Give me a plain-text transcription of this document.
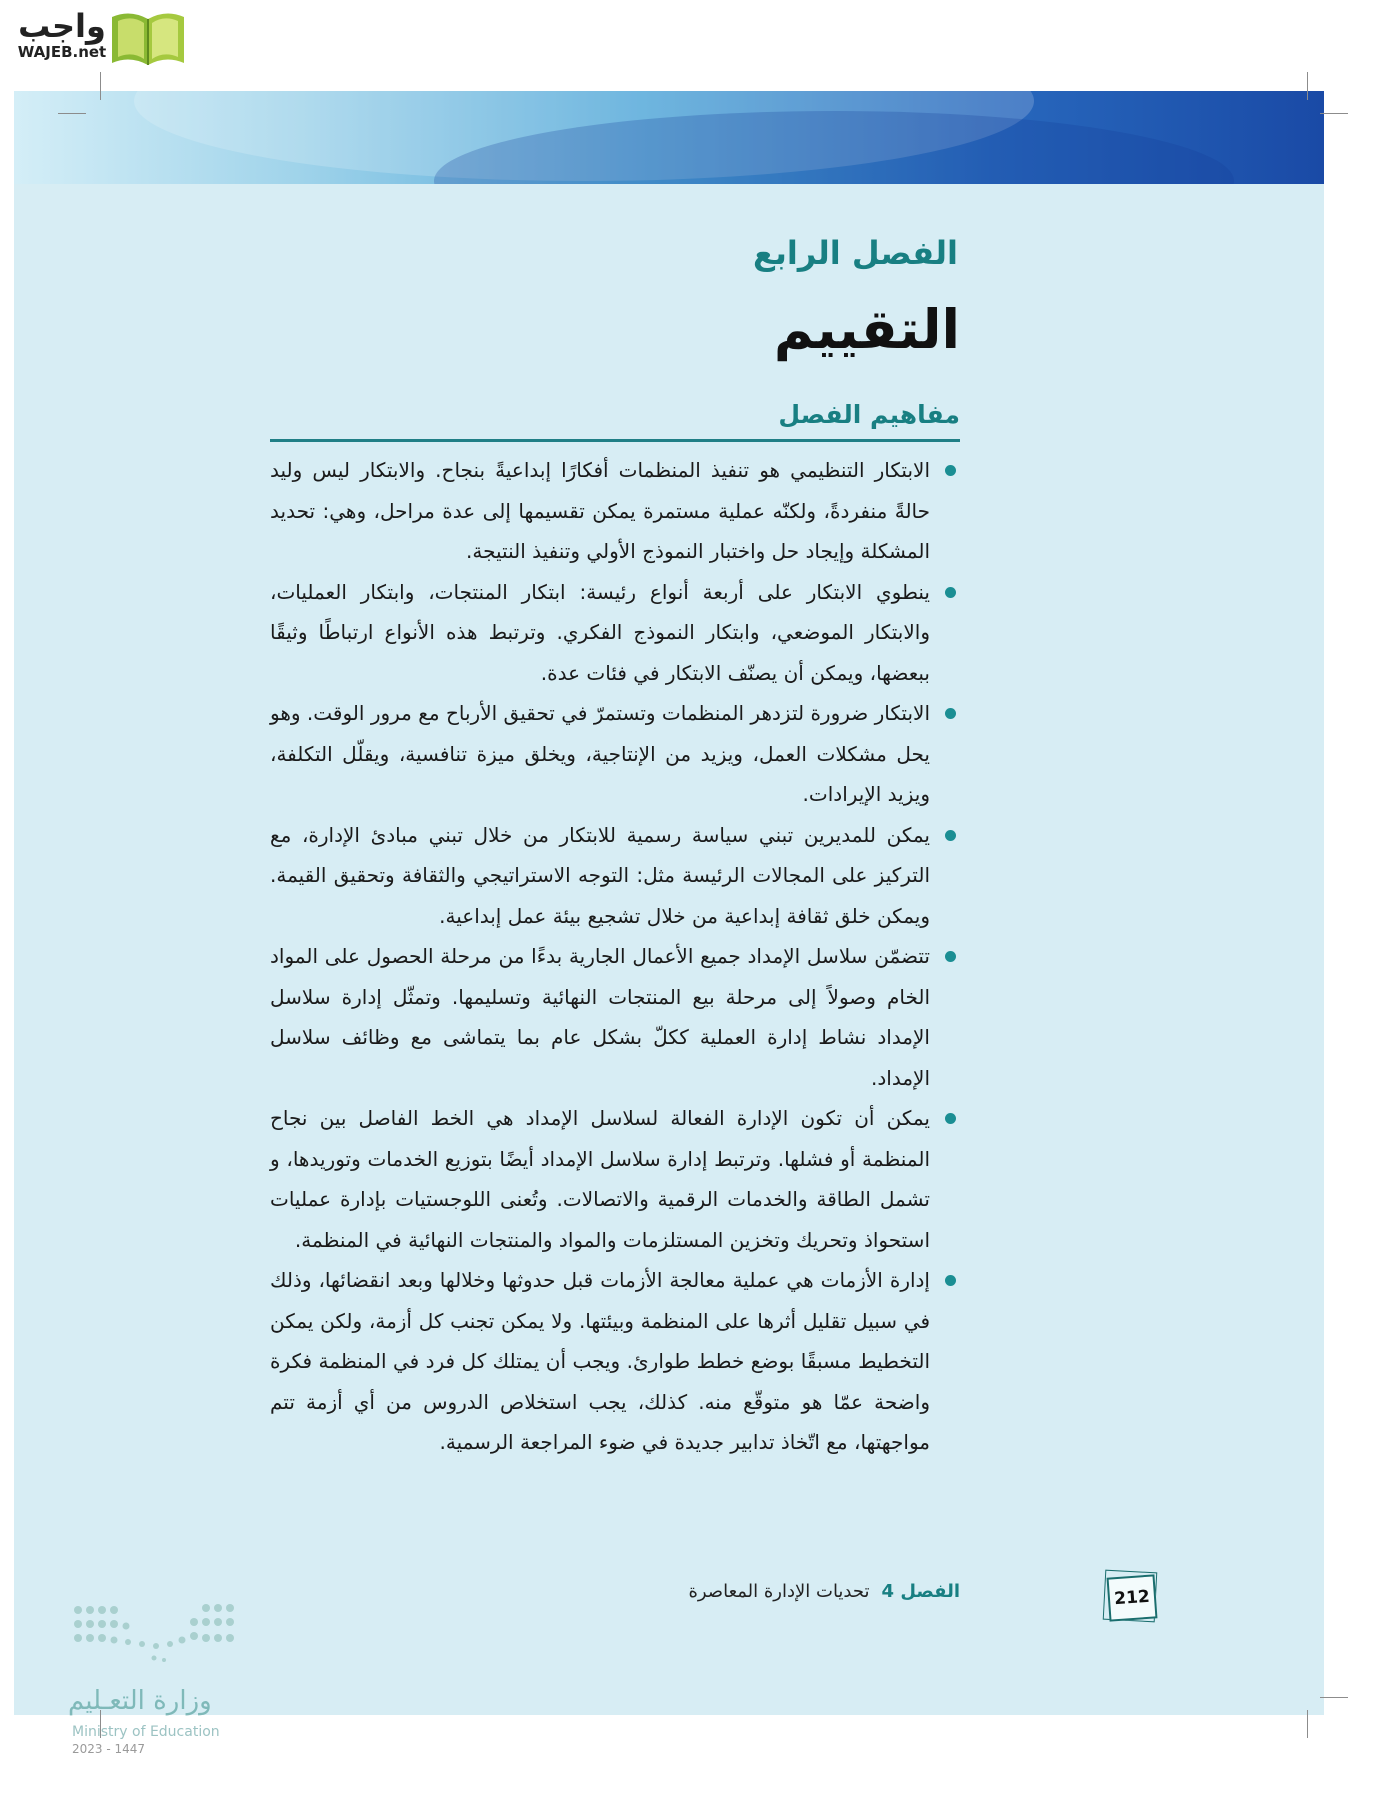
واجب
WAJEB.net
الفصل الرابع
التقييم
مفاهيم الفصل
الابتكار التنظيمي هو تنفيذ المنظمات أفكارًا إبداعيةً بنجاح. والابتكار ليس وليد حالةً منفردةً، ولكنّه عملية مستمرة يمكن تقسيمها إلى عدة مراحل، وهي: تحديد المشكلة وإيجاد حل واختبار النموذج الأولي وتنفيذ النتيجة.
ينطوي الابتكار على أربعة أنواع رئيسة: ابتكار المنتجات، وابتكار العمليات، والابتكار الموضعي، وابتكار النموذج الفكري. وترتبط هذه الأنواع ارتباطًا وثيقًا ببعضها، ويمكن أن يصنّف الابتكار في فئات عدة.
الابتكار ضرورة لتزدهر المنظمات وتستمرّ في تحقيق الأرباح مع مرور الوقت. وهو يحل مشكلات العمل، ويزيد من الإنتاجية، ويخلق ميزة تنافسية، ويقلّل التكلفة، ويزيد الإيرادات.
يمكن للمديرين تبني سياسة رسمية للابتكار من خلال تبني مبادئ الإدارة، مع التركيز على المجالات الرئيسة مثل: التوجه الاستراتيجي والثقافة وتحقيق القيمة. ويمكن خلق ثقافة إبداعية من خلال تشجيع بيئة عمل إبداعية.
تتضمّن سلاسل الإمداد جميع الأعمال الجارية بدءًا من مرحلة الحصول على المواد الخام وصولاً إلى مرحلة بيع المنتجات النهائية وتسليمها. وتمثّل إدارة سلاسل الإمداد نشاط إدارة العملية ككلّ بشكل عام بما يتماشى مع وظائف سلاسل الإمداد.
يمكن أن تكون الإدارة الفعالة لسلاسل الإمداد هي الخط الفاصل بين نجاح المنظمة أو فشلها. وترتبط إدارة سلاسل الإمداد أيضًا بتوزيع الخدمات وتوريدها، و تشمل الطاقة والخدمات الرقمية والاتصالات. وتُعنى اللوجستيات بإدارة عمليات استحواذ وتحريك وتخزين المستلزمات والمواد والمنتجات النهائية في المنظمة.
إدارة الأزمات هي عملية معالجة الأزمات قبل حدوثها وخلالها وبعد انقضائها، وذلك في سبيل تقليل أثرها على المنظمة وبيئتها. ولا يمكن تجنب كل أزمة، ولكن يمكن التخطيط مسبقًا بوضع خطط طوارئ. ويجب أن يمتلك كل فرد في المنظمة فكرة واضحة عمّا هو متوقّع منه. كذلك، يجب استخلاص الدروس من أي أزمة تتم مواجهتها، مع اتّخاذ تدابير جديدة في ضوء المراجعة الرسمية.
الفصل 4تحديات الإدارة المعاصرة	212
وزارة التعـليم
Ministry of Education
2023 - 1447
